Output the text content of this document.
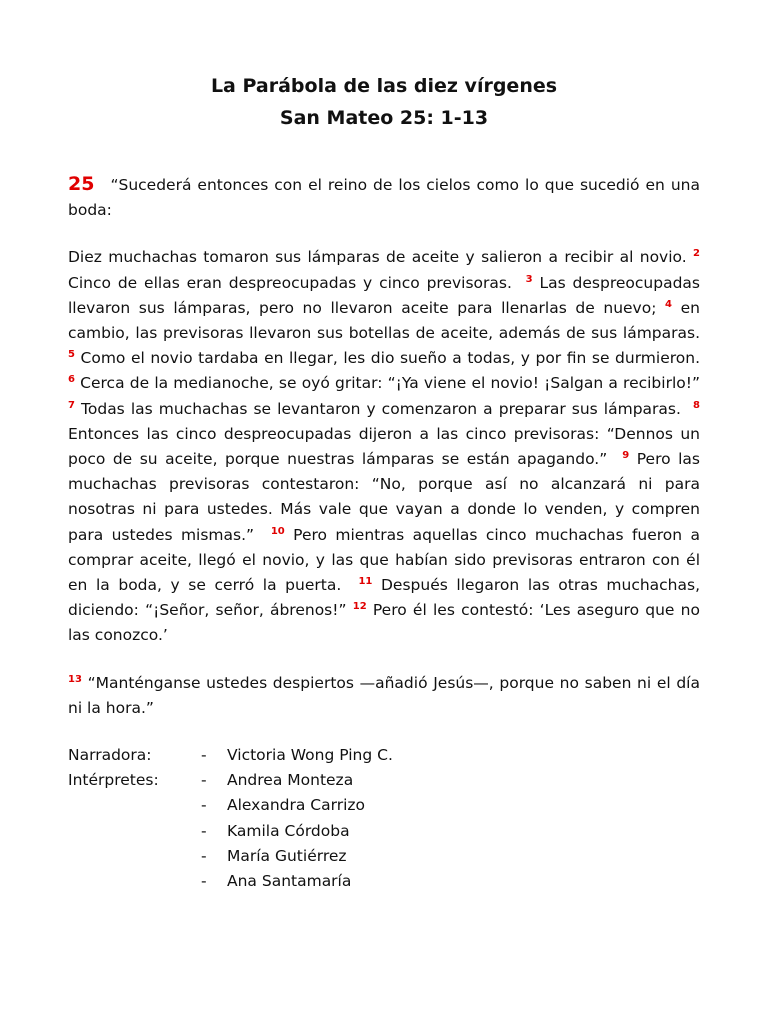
La Parábola de las diez vírgenes
San Mateo 25: 1-13

25 “Sucederá entonces con el reino de los cielos como lo que sucedió en una boda:

Diez muchachas tomaron sus lámparas de aceite y salieron a recibir al novio. $^2$ Cinco de ellas eran despreocupadas y cinco previsoras. $^3$ Las despreocupadas llevaron sus lámparas, pero no llevaron aceite para llenarlas de nuevo; $^4$ en cambio, las previsoras llevaron sus botellas de aceite, además de sus lámparas. $^5$ Como el novio tardaba en llegar, les dio sueño a todas, y por fin se durmieron. $^6$ Cerca de la medianoche, se oyó gritar: “¡Ya viene el novio! ¡Salgan a recibirlo!” $^7$ Todas las muchachas se levantaron y comenzaron a preparar sus lámparas. $^8$ Entonces las cinco despreocupadas dijeron a las cinco previsoras: “Dennos un poco de su aceite, porque nuestras lámparas se están apagando.” $^9$ Pero las muchachas previsoras contestaron: “No, porque así no alcanzará ni para nosotras ni para ustedes. Más vale que vayan a donde lo venden, y compren para ustedes mismas.” $^{10}$ Pero mientras aquellas cinco muchachas fueron a comprar aceite, llegó el novio, y las que habían sido previsoras entraron con él en la boda, y se cerró la puerta. $^{11}$ Después llegaron las otras muchachas, diciendo: “¡Señor, señor, ábrenos!” $^{12}$ Pero él les contestó: ‘Les aseguro que no las conozco.’

$^{13}$ “Manténganse ustedes despiertos —añadió Jesús—, porque no saben ni el día ni la hora.”

Narradora:	-	Victoria Wong Ping C.
Intérpretes:	-	Andrea Monteza
-	Alexandra Carrizo
-	Kamila Córdoba
-	María Gutiérrez
-	Ana Santamaría
